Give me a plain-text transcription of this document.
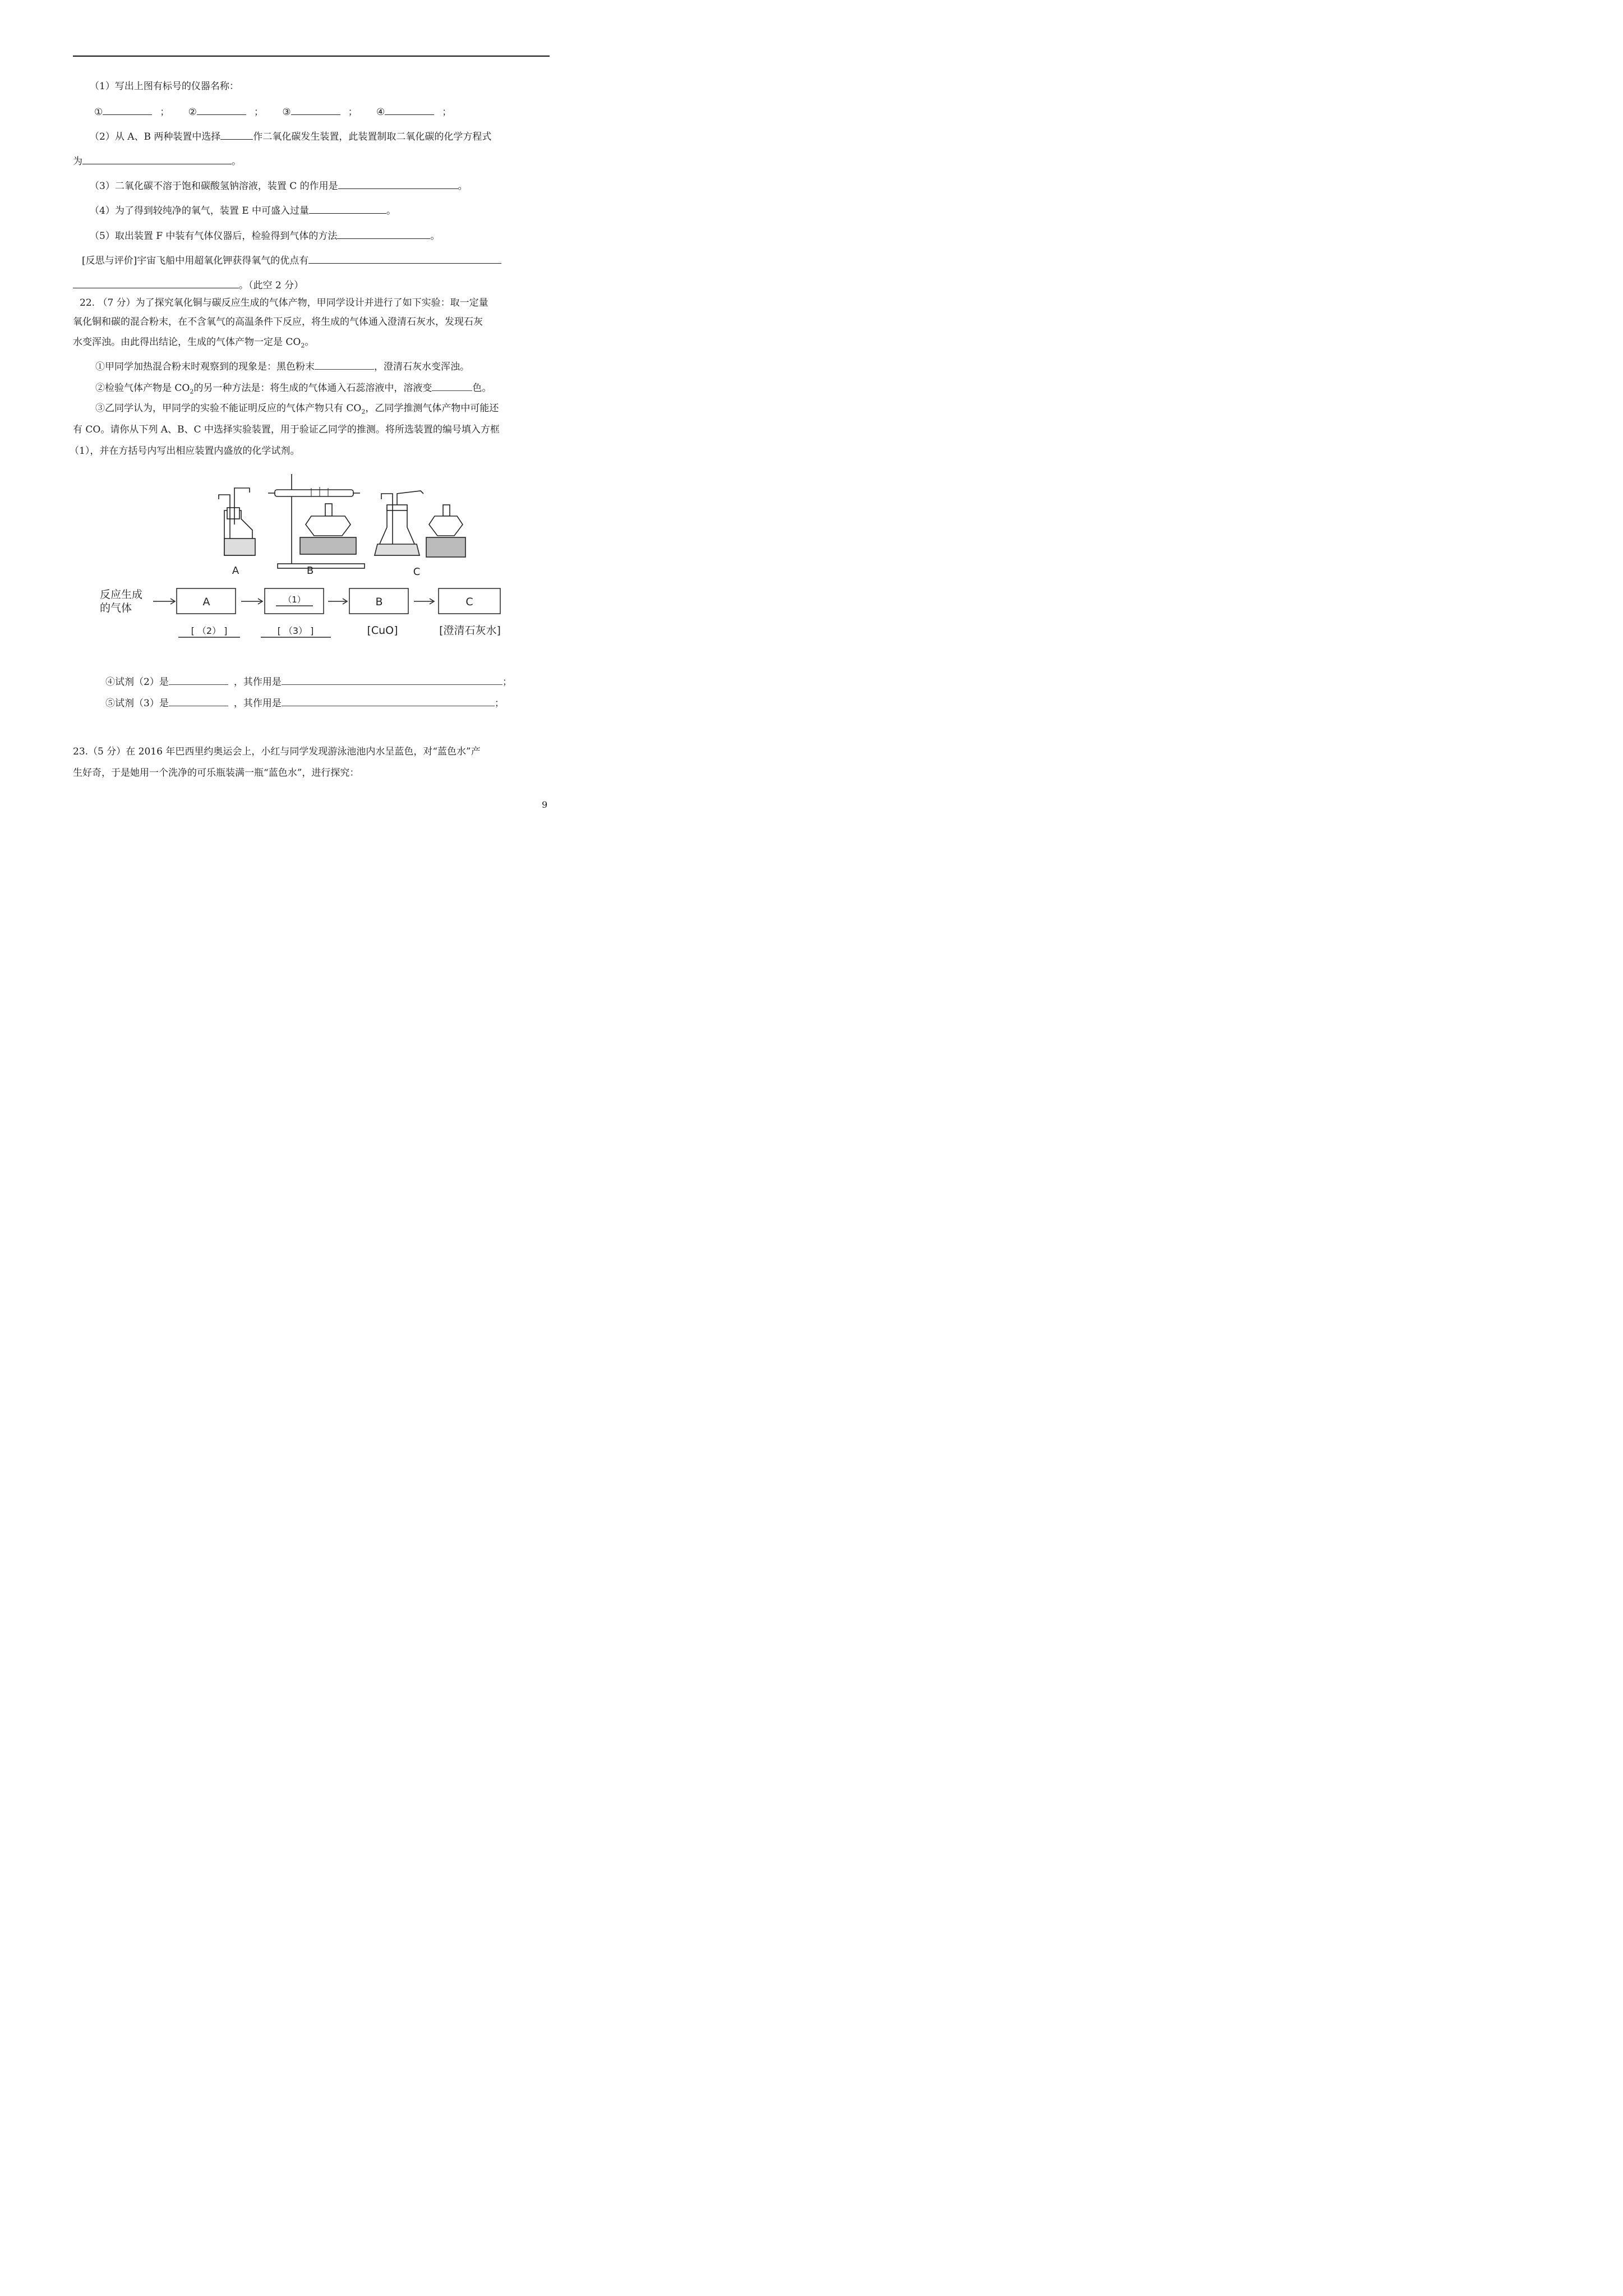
（1）写出上图有标号的仪器名称：
①	； ②	； ③	； ④	；
（2）从 A、B 两种装置中选择	作二氧化碳发生装置，此装置制取二氧化碳的化学方程式
为	。
（3）二氧化碳不溶于饱和碳酸氢钠溶液，装置 C 的作用是	。
（4）为了得到较纯净的氧气，装置 E 中可盛入过量	。
（5）取出装置 F 中装有气体仪器后，检验得到气体的方法	。
[反思与评价]宇宙飞船中用超氧化钾获得氧气的优点有
。（此空 2 分）
22. （7 分）为了探究氧化铜与碳反应生成的气体产物，甲同学设计并进行了如下实验：取一定量
氧化铜和碳的混合粉末，在不含氧气的高温条件下反应，将生成的气体通入澄清石灰水，发现石灰
水变浑浊。由此得出结论，生成的气体产物一定是 $CO_2$。
①甲同学加热混合粉末时观察到的现象是：黑色粉末	，澄清石灰水变浑浊。
②检验气体产物是 $CO_2$的另一种方法是：将生成的气体通入石蕊溶液中，溶液变	色。
③乙同学认为，甲同学的实验不能证明反应的气体产物只有 $CO_2$，乙同学推测气体产物中可能还
有 CO。请你从下列 A、B、C 中选择实验装置，用于验证乙同学的推测。将所选装置的编号填入方框
（1），并在方括号内写出相应装置内盛放的化学试剂。
A	B	C
反应生成
的气体	A	（1）	B	C
[ （2） ]	[ （3） ]	[CuO]	[澄清石灰水]
④试剂（2）是	，其作用是	；
⑤试剂（3）是	，其作用是	；
23.（5 分）在 2016 年巴西里约奥运会上，小红与同学发现游泳池池内水呈蓝色，对“蓝色水”产
生好奇，于是她用一个洗净的可乐瓶装满一瓶“蓝色水”，进行探究：
9
